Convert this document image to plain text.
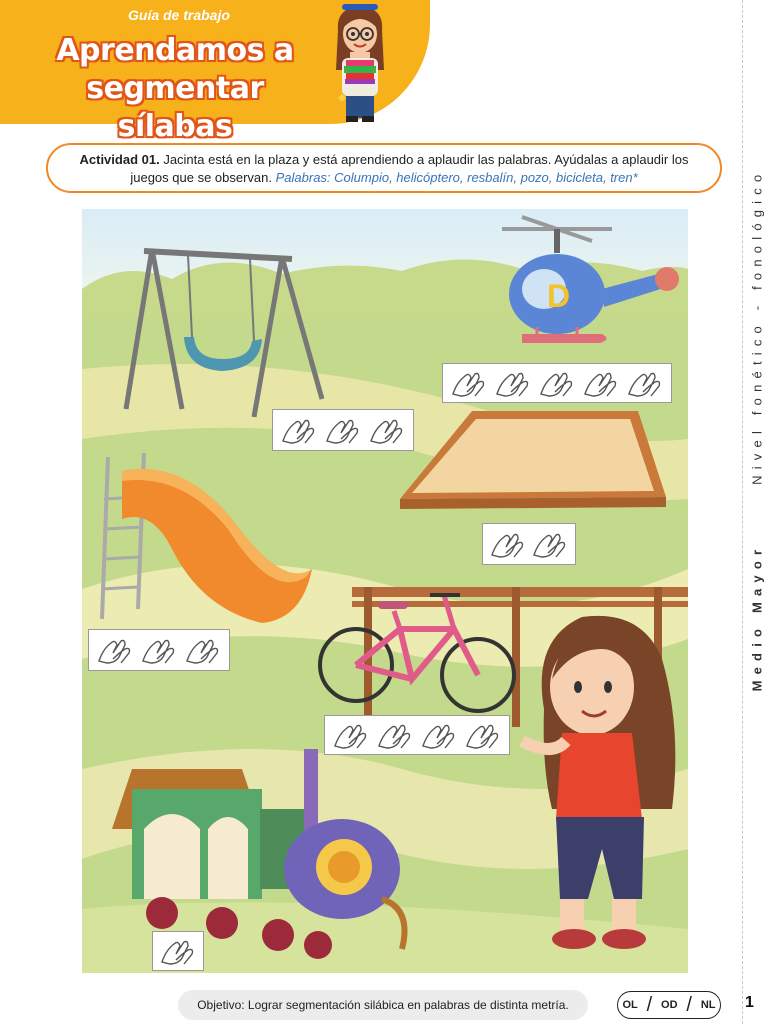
Guía de trabajo
Aprendamos a
segmentar sílabas
Medio Mayor      Nivel fonético - fonológico
Actividad 01. Jacinta está en la plaza y está aprendiendo a aplaudir las palabras. Ayúdalas a aplaudir los juegos que se observan. Palabras: Columpio, helicóptero, resbalín, pozo, bicicleta, tren*
D
Objetivo: Lograr segmentación silábica en palabras de distinta metría.	OL / OD / NL 1
